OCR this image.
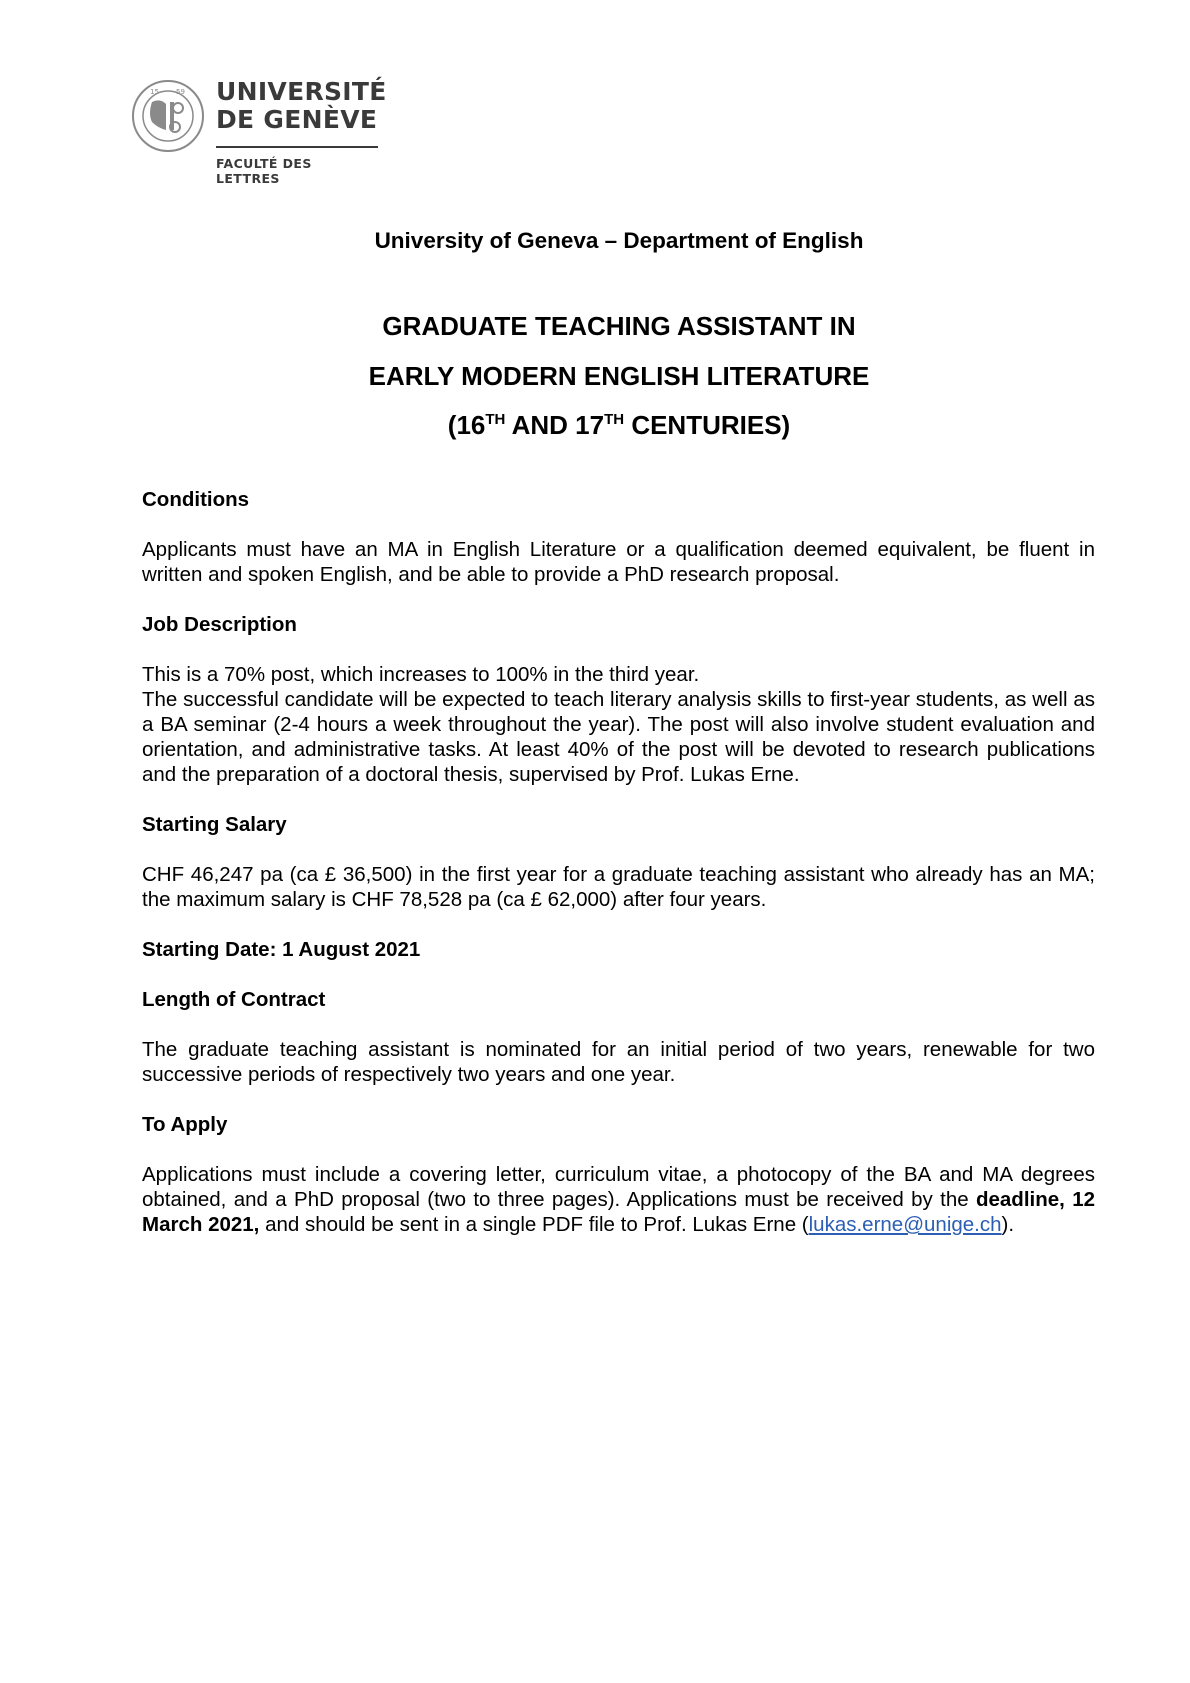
15 59 UNIVERSITÉ
DE GENÈVE
FACULTÉ DES LETTRES
University of Geneva – Department of English
GRADUATE TEACHING ASSISTANT IN
EARLY MODERN ENGLISH LITERATURE
(16TH AND 17TH CENTURIES)

Conditions

Applicants must have an MA in English Literature or a qualification deemed equivalent, be fluent in written and spoken English, and be able to provide a PhD research proposal.

Job Description

This is a 70% post, which increases to 100% in the third year.

The successful candidate will be expected to teach literary analysis skills to first-year students, as well as a BA seminar (2-4 hours a week throughout the year). The post will also involve student evaluation and orientation, and administrative tasks. At least 40% of the post will be devoted to research publications and the preparation of a doctoral thesis, supervised by Prof. Lukas Erne.

Starting Salary

CHF 46,247 pa (ca £ 36,500) in the first year for a graduate teaching assistant who already has an MA; the maximum salary is CHF 78,528 pa (ca £ 62,000) after four years.

Starting Date: 1 August 2021

Length of Contract

The graduate teaching assistant is nominated for an initial period of two years, renewable for two successive periods of respectively two years and one year.

To Apply

Applications must include a covering letter, curriculum vitae, a photocopy of the BA and MA degrees obtained, and a PhD proposal (two to three pages). Applications must be received by the deadline, 12 March 2021, and should be sent in a single PDF file to Prof. Lukas Erne (lukas.erne@unige.ch).
